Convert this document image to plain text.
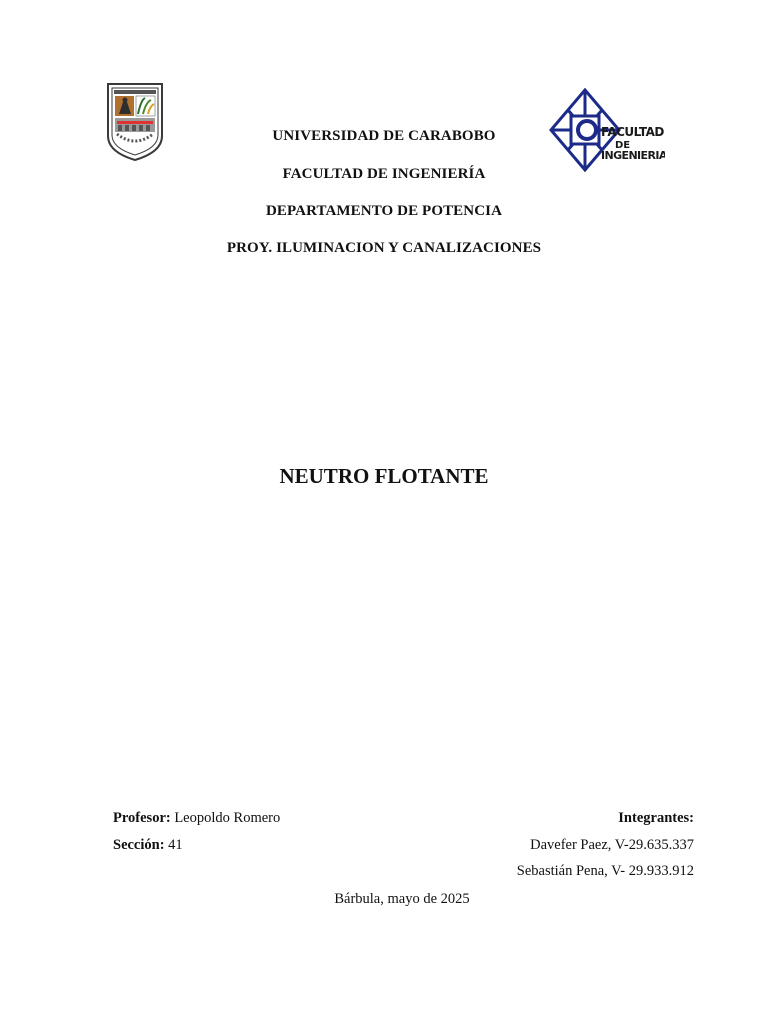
FACULTAD
DE
INGENIERIA
UNIVERSIDAD DE CARABOBO
FACULTAD DE INGENIERÍA
DEPARTAMENTO DE POTENCIA
PROY. ILUMINACION Y CANALIZACIONES
NEUTRO FLOTANTE
Profesor: Leopoldo Romero
Sección: 41
Integrantes:
Davefer Paez, V-29.635.337
Sebastián Pena, V- 29.933.912
Bárbula, mayo de 2025
